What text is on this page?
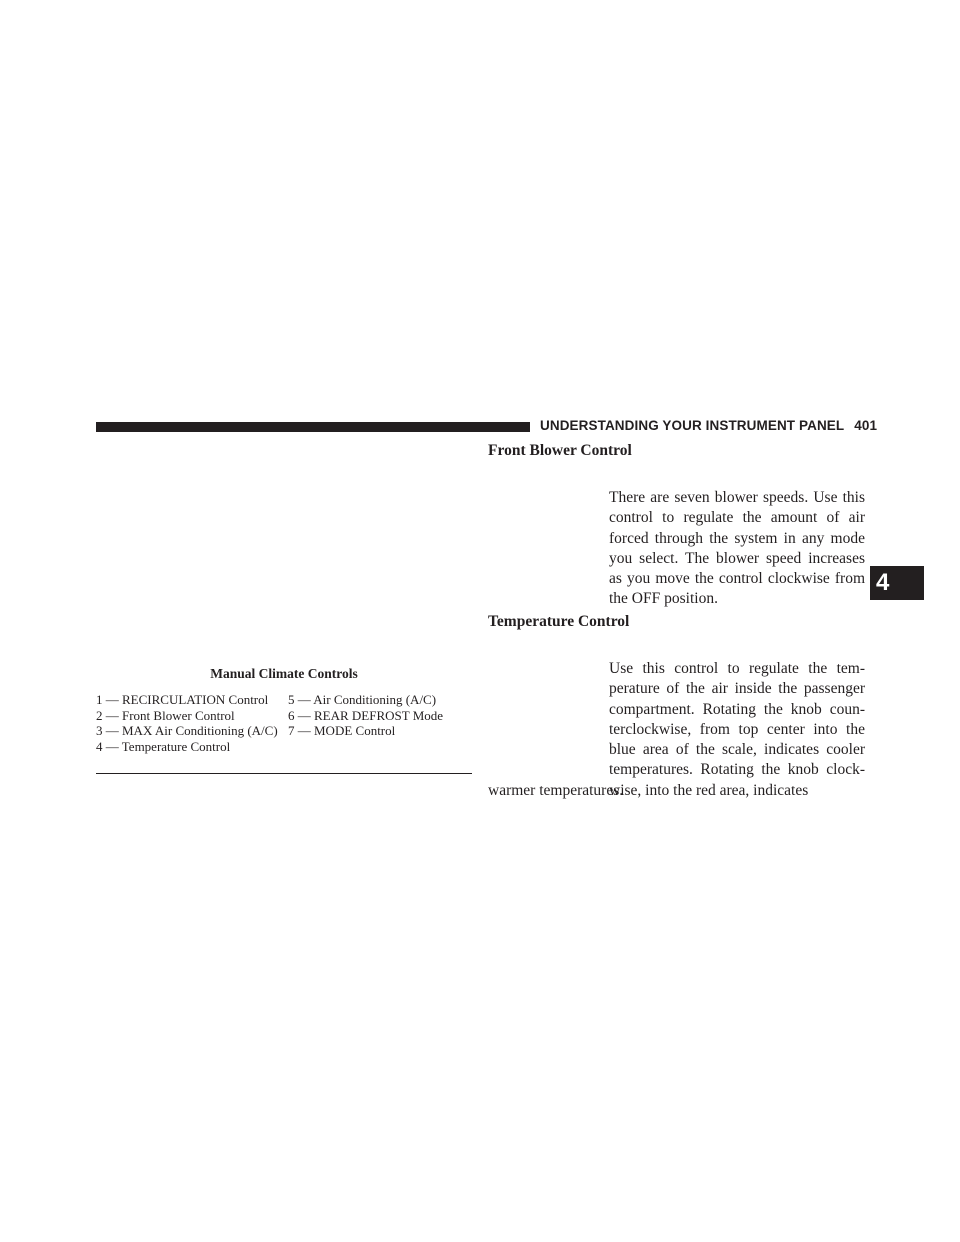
UNDERSTANDING YOUR INSTRUMENT PANEL 401
Manual Climate Controls
1 — RECIRCULATION Control
2 — Front Blower Control
3 — MAX Air Conditioning (A/C)
4 — Temperature Control
5 — Air Conditioning (A/C)
6 — REAR DEFROST Mode
7 — MODE Control
Front Blower Control
There are seven blower speeds. Use this control to regulate the amount of air forced through the system in any mode you select. The blower speed increases as you move the control clockwise from the OFF position.
Temperature Control
Use this control to regulate the tem-perature of the air inside the passenger compartment. Rotating the knob coun-terclockwise, from top center into the blue area of the scale, indicates cooler temperatures. Rotating the knob clock-wise, into the red area, indicates
warmer temperatures.
4
